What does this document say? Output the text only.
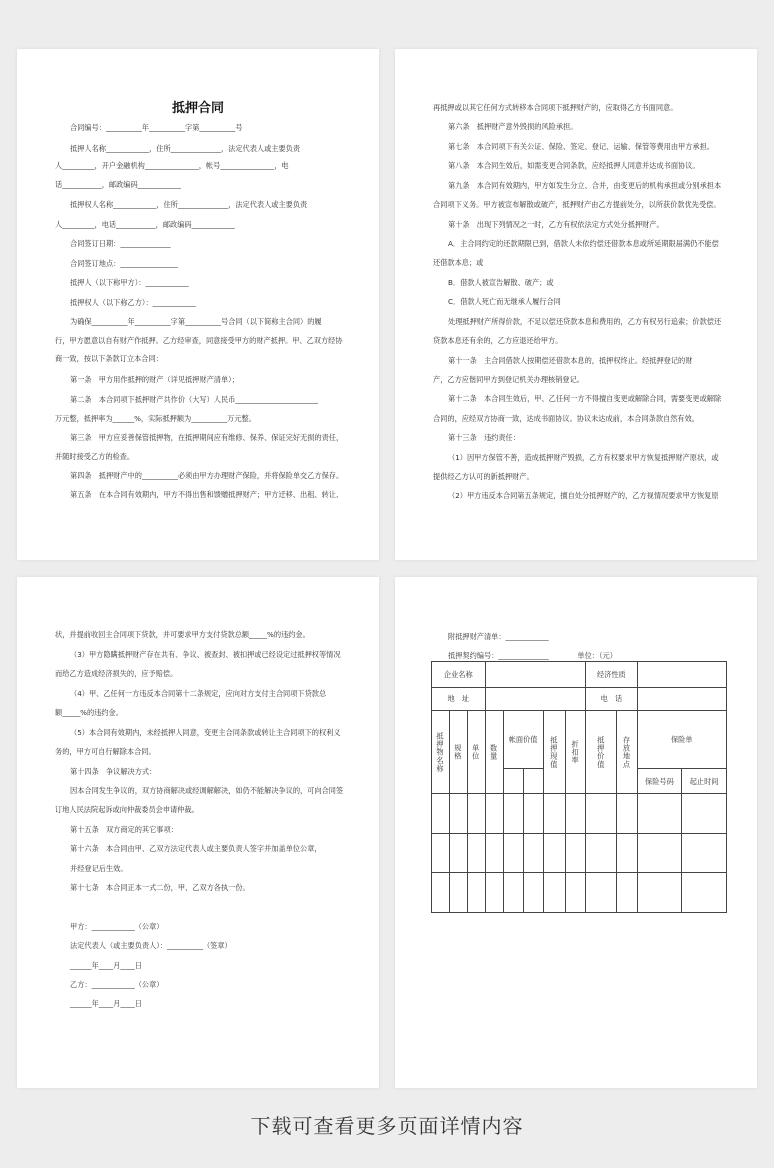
抵押合同
合同编号：__________年__________字第__________号
抵押人名称____________，住所______________，法定代表人或主要负责
人_________，开户金融机构_______________，帐号_______________，电
话___________，邮政编码____________
抵押权人名称____________，住所______________，法定代表人或主要负责
人_________，电话___________，邮政编码____________
合同签订日期：______________
合同签订地点：________________
抵押人（以下称甲方）：____________
抵押权人（以下称乙方）：____________
为确保__________年__________字第__________号合同（以下简称主合同）的履
行，甲方愿意以自有财产作抵押。乙方经审查，同意接受甲方的财产抵押。甲、乙双方经协
商一致，按以下条款订立本合同：
第一条　甲方用作抵押的财产（详见抵押财产清单）；
第二条　本合同项下抵押财产共作价（大写）人民币_______________________
万元整，抵押率为______%，实际抵押额为__________万元整。
第三条　甲方应妥善保管抵押物，在抵押期间应有维修、保养、保证完好无损的责任，
并随时接受乙方的检查。
第四条　抵押财产中的__________必须由甲方办理财产保险，并将保险单交乙方保存。
第五条　在本合同有效期内，甲方不得出售和馈赠抵押财产；甲方迁移、出租、转让、
再抵押或以其它任何方式转移本合同项下抵押财产的，应取得乙方书面同意。
第六条　抵押财产意外毁损的风险承担。
第七条　本合同项下有关公证、保险、签定、登记、运输、保管等费用由甲方承担。
第八条　本合同生效后，如需变更合同条款，应经抵押人同意并达成书面协议。
第九条　本合同有效期内，甲方如发生分立、合并，由变更后的机构承担或分别承担本
合同项下义务。甲方被宣布解散或破产，抵押财产由乙方提前处分，以所获价款优先受偿。
第十条　出现下列情况之一时，乙方有权依法定方式处分抵押财产。
A．主合同约定的还款期限已到，借款人未依约偿还借款本息或所延期限届满仍不能偿
还借款本息；或
B．借款人被宣告解散、破产；或
C．借款人死亡而无继承人履行合同
处理抵押财产所得价款，不足以偿还贷款本息和费用的，乙方有权另行追索；价款偿还
贷款本息还有余的，乙方应退还给甲方。
第十一条　主合同借款人按期偿还借款本息的，抵押权终止。经抵押登记的财
产，乙方应偕同甲方到登记机关办理核销登记。
第十二条　本合同生效后，甲、乙任何一方不得擅自变更或解除合同，需要变更或解除
合同的，应经双方协商一致，达成书面协议。协议未达成前，本合同条款自然有效。
第十三条　违约责任：
（1）因甲方保管不善，造成抵押财产毁损，乙方有权要求甲方恢复抵押财产原状，或
提供经乙方认可的新抵押财产。
（2）甲方违反本合同第五条规定，擅自处分抵押财产的，乙方视情况要求甲方恢复原
状，并提前收回主合同项下贷款，并可要求甲方支付贷款总额_____%的违约金。
（3）甲方隐瞒抵押财产存在共有、争议、被查封、被扣押或已经设定过抵押权等情况
而给乙方造成经济损失的，应予赔偿。
（4）甲、乙任何一方违反本合同第十二条规定，应向对方支付主合同项下贷款总
额_____%的违约金。
（5）本合同有效期内，未经抵押人同意，变更主合同条款或转让主合同项下的权利义
务的，甲方可自行解除本合同。
第十四条　争议解决方式：
因本合同发生争议的，双方协商解决或经调解解决，如仍不能解决争议的，可向合同签
订地人民法院起诉或向仲裁委员会申请仲裁。
第十五条　双方商定的其它事项：
第十六条　本合同由甲、乙双方法定代表人或主要负责人签字并加盖单位公章，
并经登记后生效。
第十七条　本合同正本一式二份，甲、乙双方各执一份。
甲方：____________（公章）
法定代表人（或主要负责人）：__________（签章）
______年____月____日
乙方：____________（公章）
______年____月____日
附抵押财产清单：____________
抵押契约编号：______________　　　　单位：（元）
企业名称								经济性质			
地　址								电　话			
抵押物名称	规格	单位	数量	帐面价值		抵押现值	折扣率	抵押价值	存放地点	保险单	
										保险号码	起止时间

下载可查看更多页面详情内容
